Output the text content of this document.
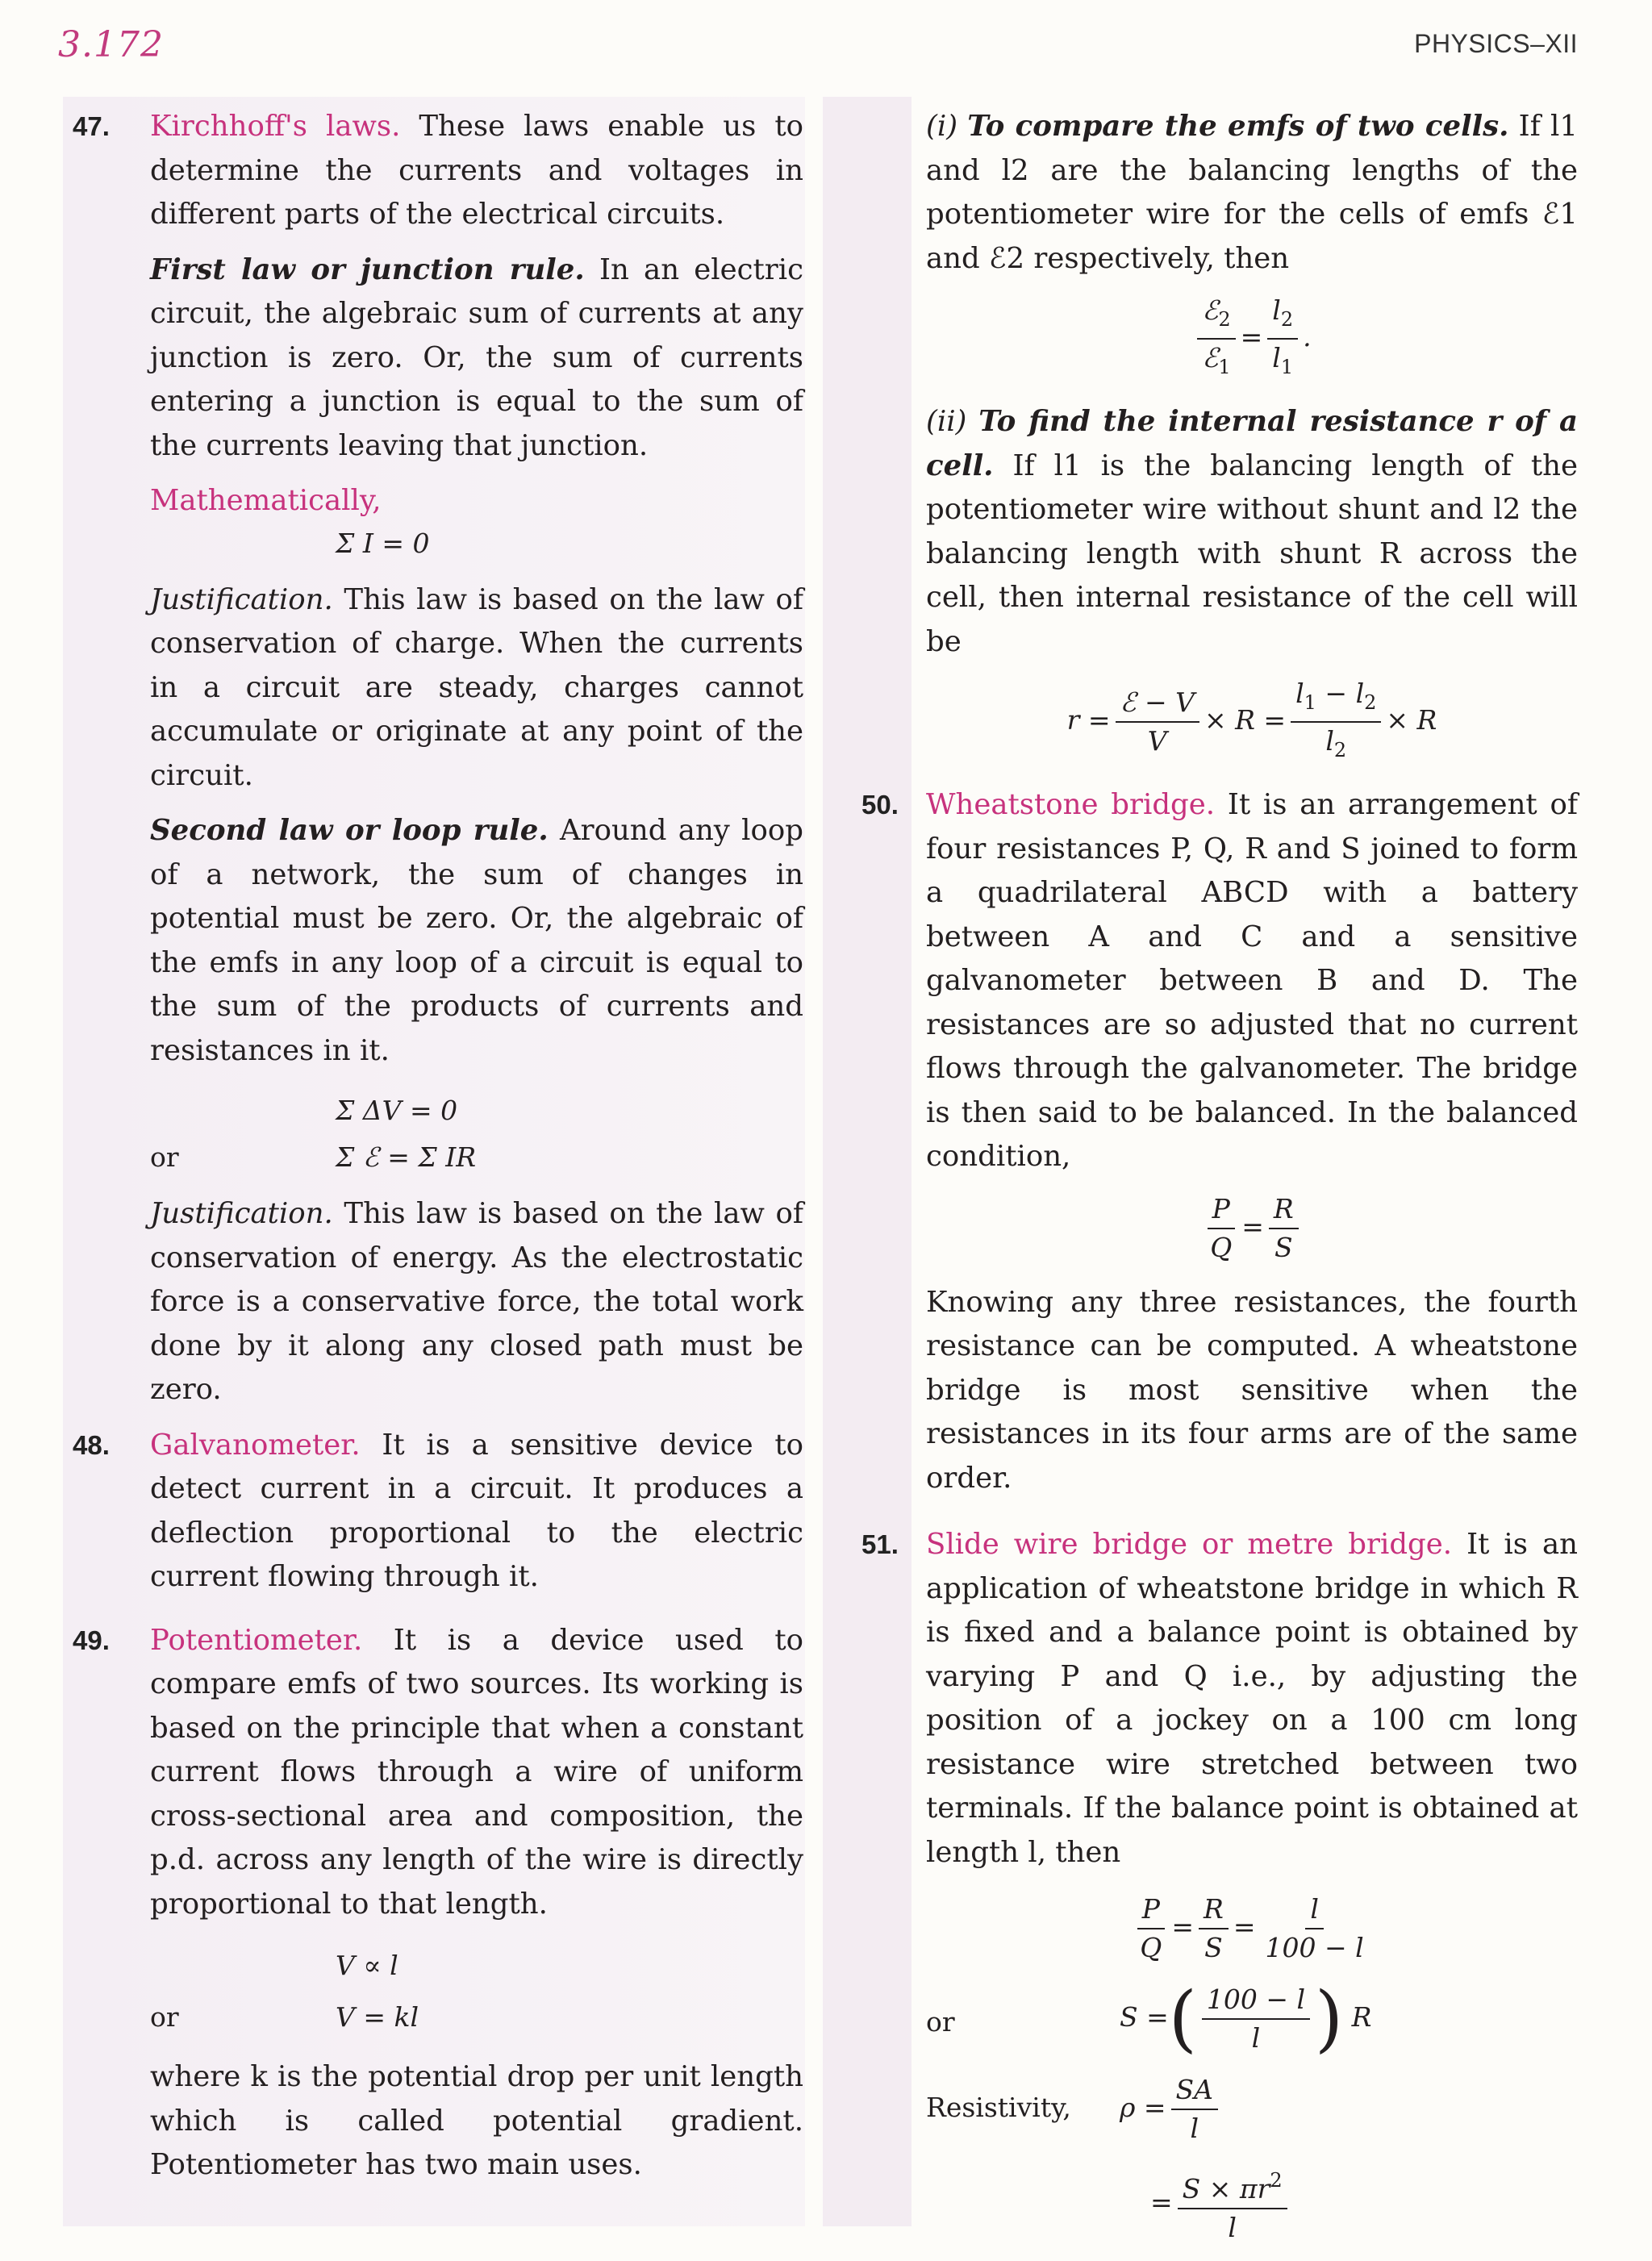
3.172	PHYSICS–XII
47. Kirchhoff's laws. These laws enable us to determine the currents and voltages in different parts of the electrical circuits.

First law or junction rule. In an electric circuit, the algebraic sum of currents at any junction is zero. Or, the sum of currents entering a junction is equal to the sum of the currents leaving that junction.

Mathematically,

Σ I = 0

Justification. This law is based on the law of conservation of charge. When the currents in a circuit are steady, charges cannot accumulate or originate at any point of the circuit.

Second law or loop rule. Around any loop of a network, the sum of changes in potential must be zero. Or, the algebraic of the emfs in any loop of a circuit is equal to the sum of the products of currents and resistances in it.

Σ ΔV = 0
or	Σ ℰ = Σ IR

Justification. This law is based on the law of conservation of energy. As the electrostatic force is a conservative force, the total work done by it along any closed path must be zero.

48. Galvanometer. It is a sensitive device to detect current in a circuit. It produces a deflection proportional to the electric current flowing through it.

49. Potentiometer. It is a device used to compare emfs of two sources. Its working is based on the principle that when a constant current flows through a wire of uniform cross-sectional area and composition, the p.d. across any length of the wire is directly proportional to that length.

V ∝ l
or	V = kl

where k is the potential drop per unit length which is called potential gradient. Potentiometer has two main uses.

(i) To compare the emfs of two cells. If l1 and l2 are the balancing lengths of the potentiometer wire for the cells of emfs ℰ1 and ℰ2 respectively, then

$\frac{ℰ_2}{ℰ_1} = \frac{l_2}{l_1}$ .

(ii) To find the internal resistance r of a cell. If l1 is the balancing length of the potentiometer wire without shunt and l2 the balancing length with shunt R across the cell, then internal resistance of the cell will be

$r = \frac{\text{ℰ − V}}{V} \times R = \frac{l_1 - l_2}{l_2} \times R$
50. Wheatstone bridge. It is an arrangement of four resistances P, Q, R and S joined to form a quadrilateral ABCD with a battery between A and C and a sensitive galvanometer between B and D. The resistances are so adjusted that no current flows through the galvanometer. The bridge is then said to be balanced. In the balanced condition,

$\frac{P}{Q} = \frac{R}{S}$

Knowing any three resistances, the fourth resistance can be computed. A wheatstone bridge is most sensitive when the resistances in its four arms are of the same order.

51. Slide wire bridge or metre bridge. It is an application of wheatstone bridge in which R is fixed and a balance point is obtained by varying P and Q i.e., by adjusting the position of a jockey on a 100 cm long resistance wire stretched between two terminals. If the balance point is obtained at length l, then

$\frac{P}{Q} = \frac{R}{S} = \frac{l}{100 - l}$
or	S =( $\frac{100 - l}{l}$ ) R
Resistivity, $\rho = \frac{SA}{l}$
= $\frac{S \times \pi r^2}{l}$
